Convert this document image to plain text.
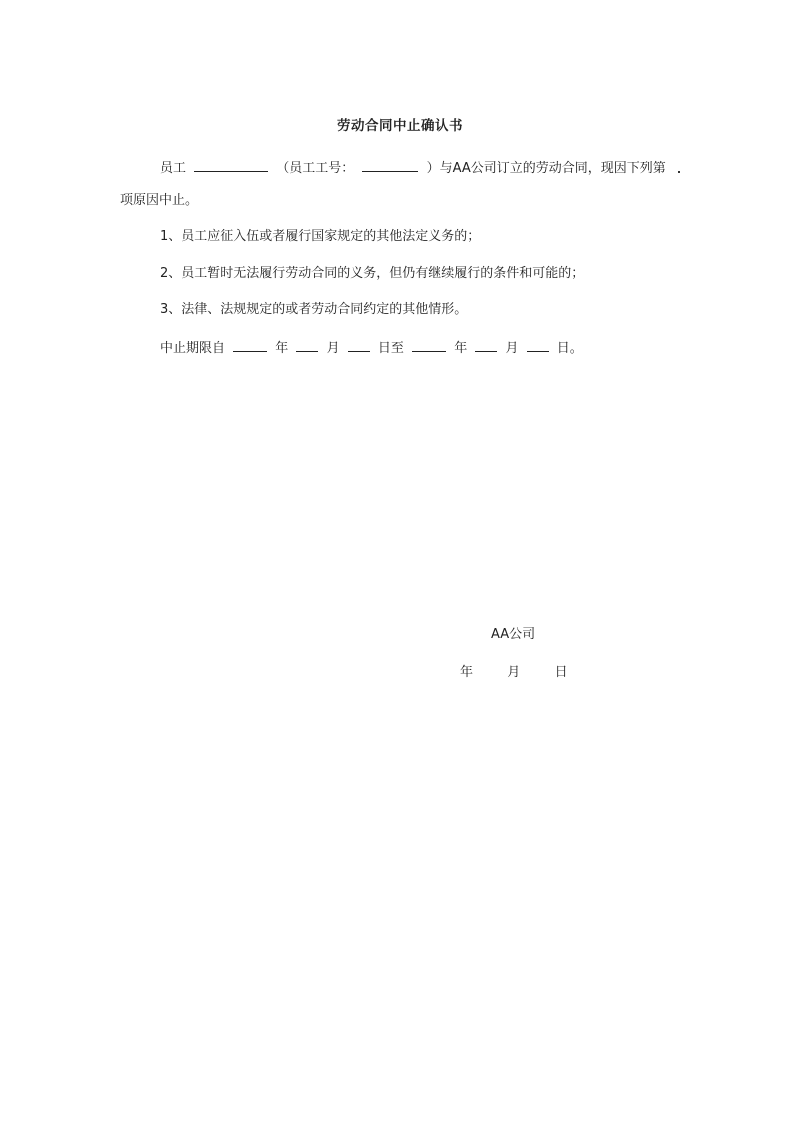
劳动合同中止确认书
员工	（员工工号：	）与AA公司订立的劳动合同，现因下列第
项原因中止。
1、员工应征入伍或者履行国家规定的其他法定义务的；
2、员工暂时无法履行劳动合同的义务，但仍有继续履行的条件和可能的；
3、法律、法规规定的或者劳动合同约定的其他情形。
中止期限自	年	月	日至	年	月	日。
AA公司
年	月	日
